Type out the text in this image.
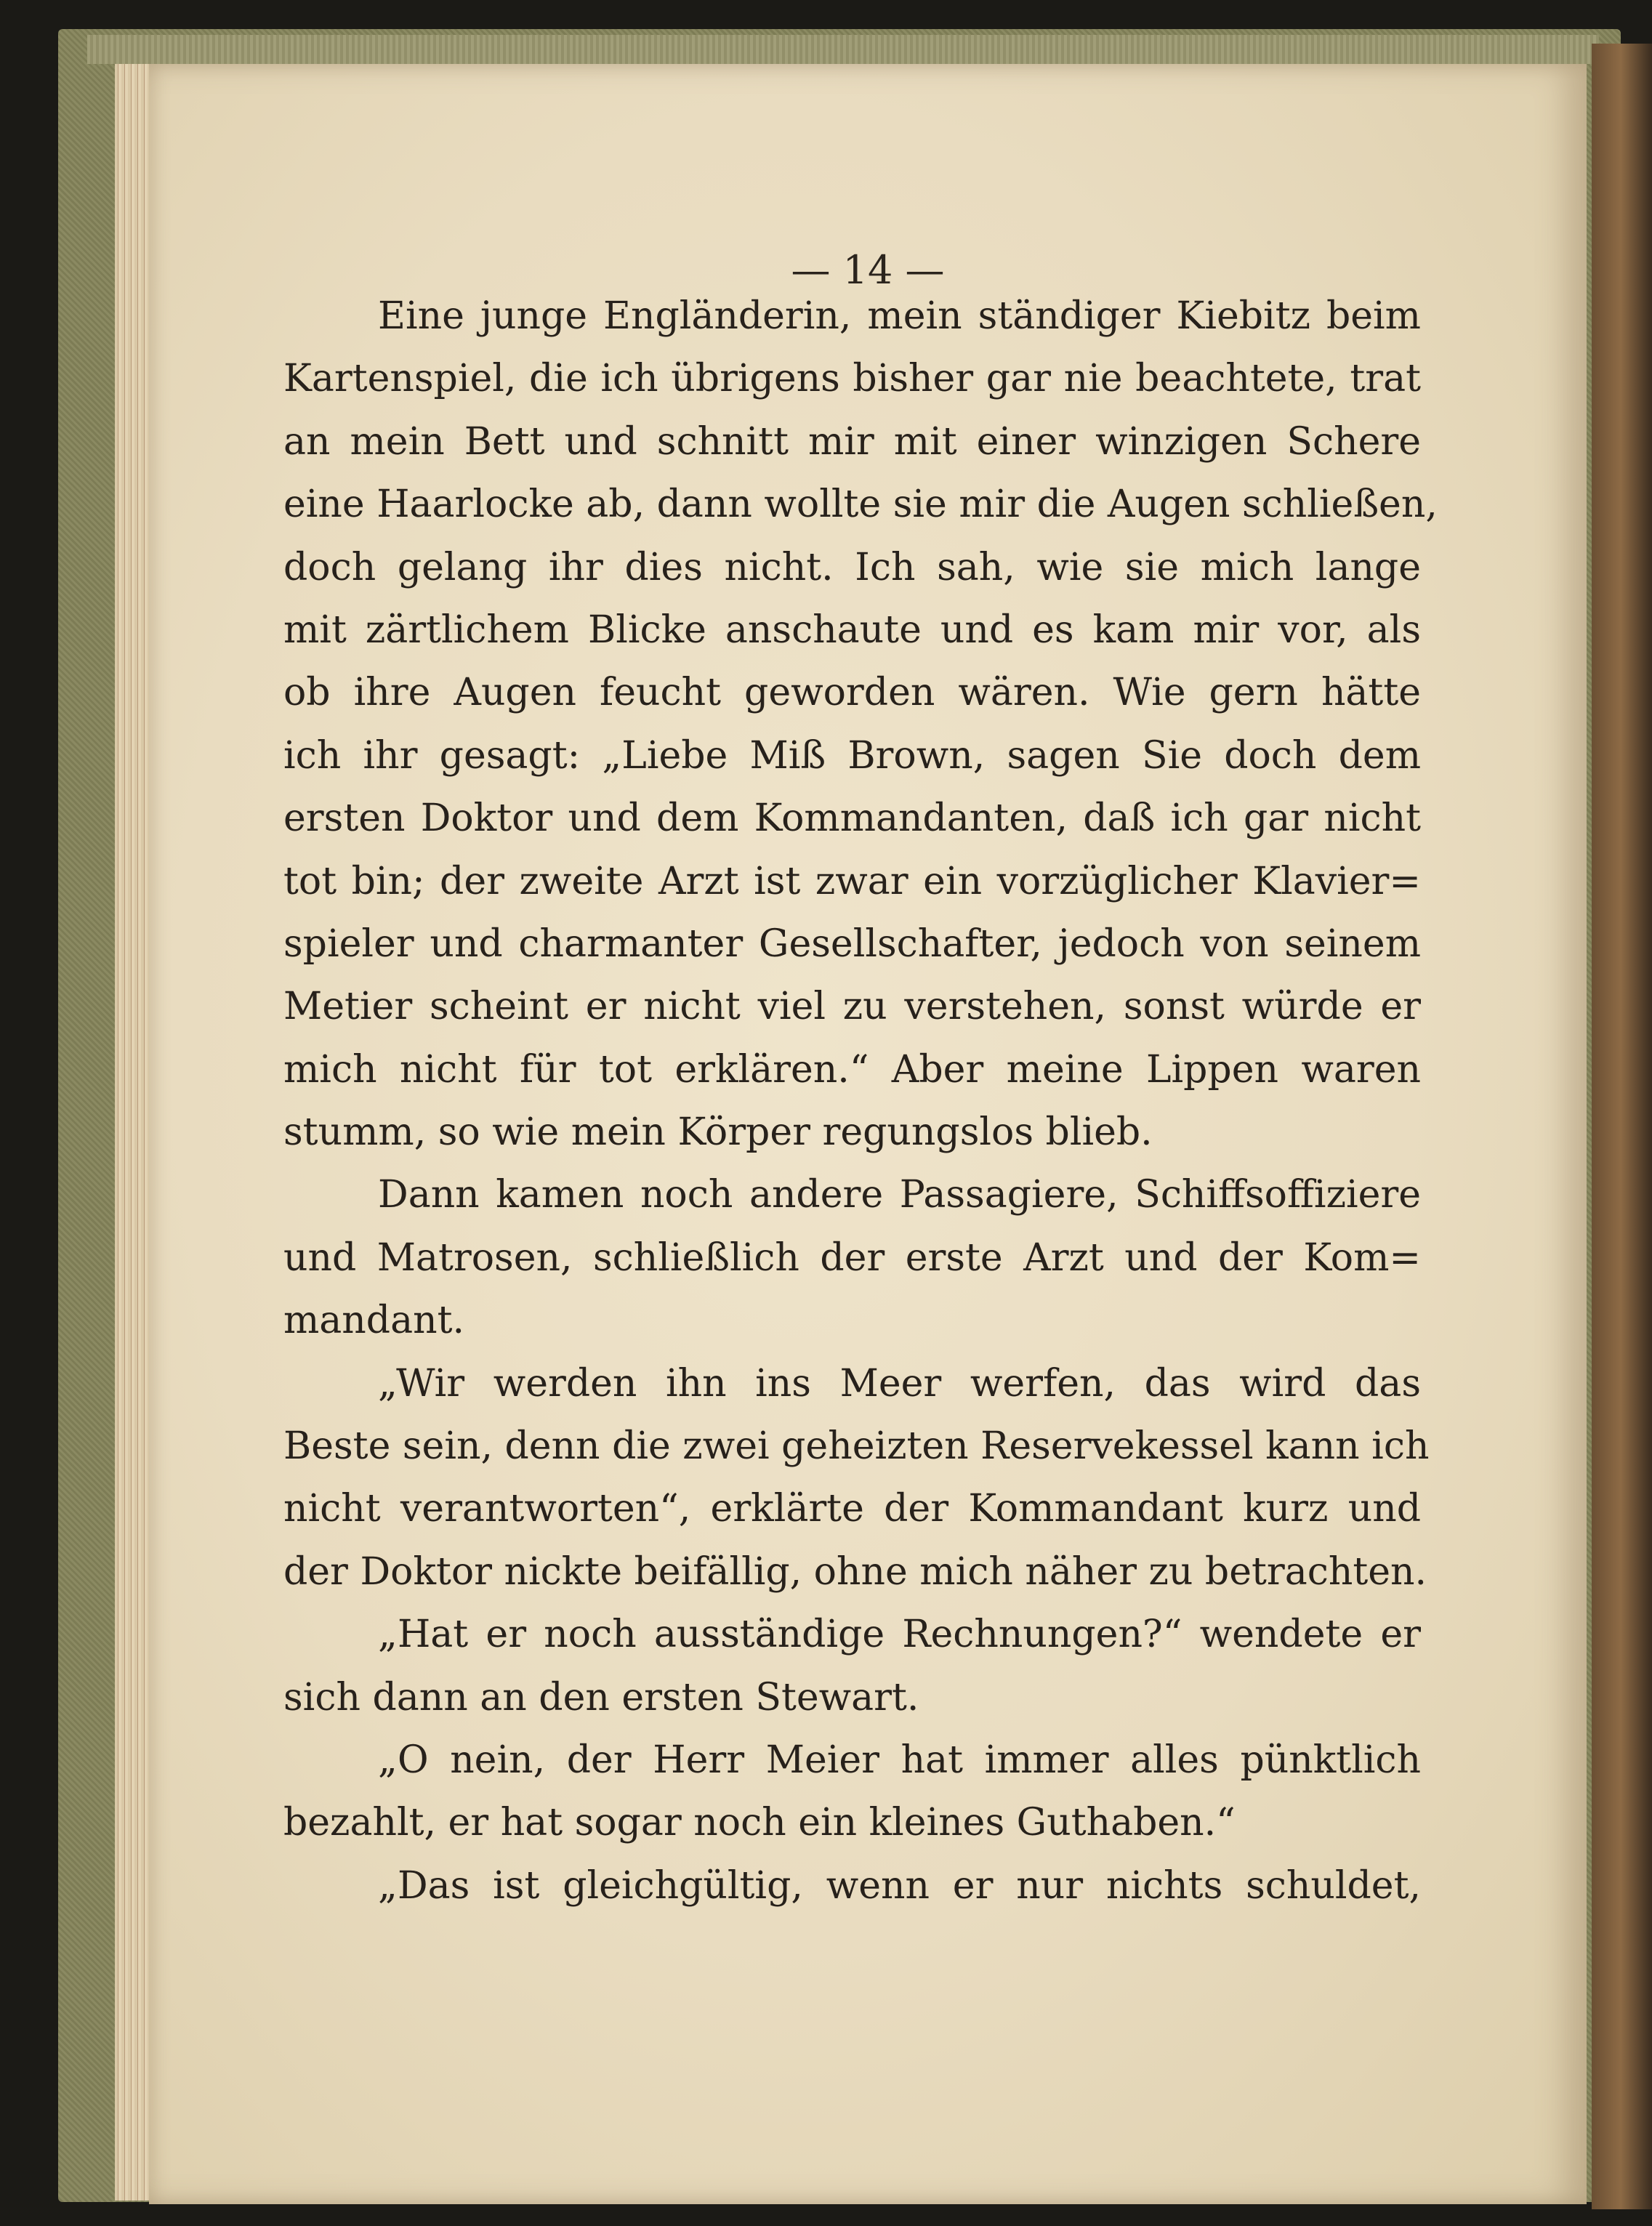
— 14 —
Eine junge Engländerin, mein ständiger Kiebitz beim
Kartenspiel, die ich übrigens bisher gar nie beachtete, trat
an mein Bett und schnitt mir mit einer winzigen Schere
eine Haarlocke ab, dann wollte sie mir die Augen schließen,
doch gelang ihr dies nicht. Ich sah, wie sie mich lange
mit zärtlichem Blicke anschaute und es kam mir vor, als
ob ihre Augen feucht geworden wären. Wie gern hätte
ich ihr gesagt: „Liebe Miß Brown, sagen Sie doch dem
ersten Doktor und dem Kommandanten, daß ich gar nicht
tot bin; der zweite Arzt ist zwar ein vorzüglicher Klavier=
spieler und charmanter Gesellschafter, jedoch von seinem
Metier scheint er nicht viel zu verstehen, sonst würde er
mich nicht für tot erklären.“ Aber meine Lippen waren
stumm, so wie mein Körper regungslos blieb.
Dann kamen noch andere Passagiere, Schiffsoffiziere
und Matrosen, schließlich der erste Arzt und der Kom=
mandant.
„Wir werden ihn ins Meer werfen, das wird das
Beste sein, denn die zwei geheizten Reservekessel kann ich
nicht verantworten“, erklärte der Kommandant kurz und
der Doktor nickte beifällig, ohne mich näher zu betrachten.
„Hat er noch ausständige Rechnungen?“ wendete er
sich dann an den ersten Stewart.
„O nein, der Herr Meier hat immer alles pünktlich
bezahlt, er hat sogar noch ein kleines Guthaben.“
„Das ist gleichgültig, wenn er nur nichts schuldet,
